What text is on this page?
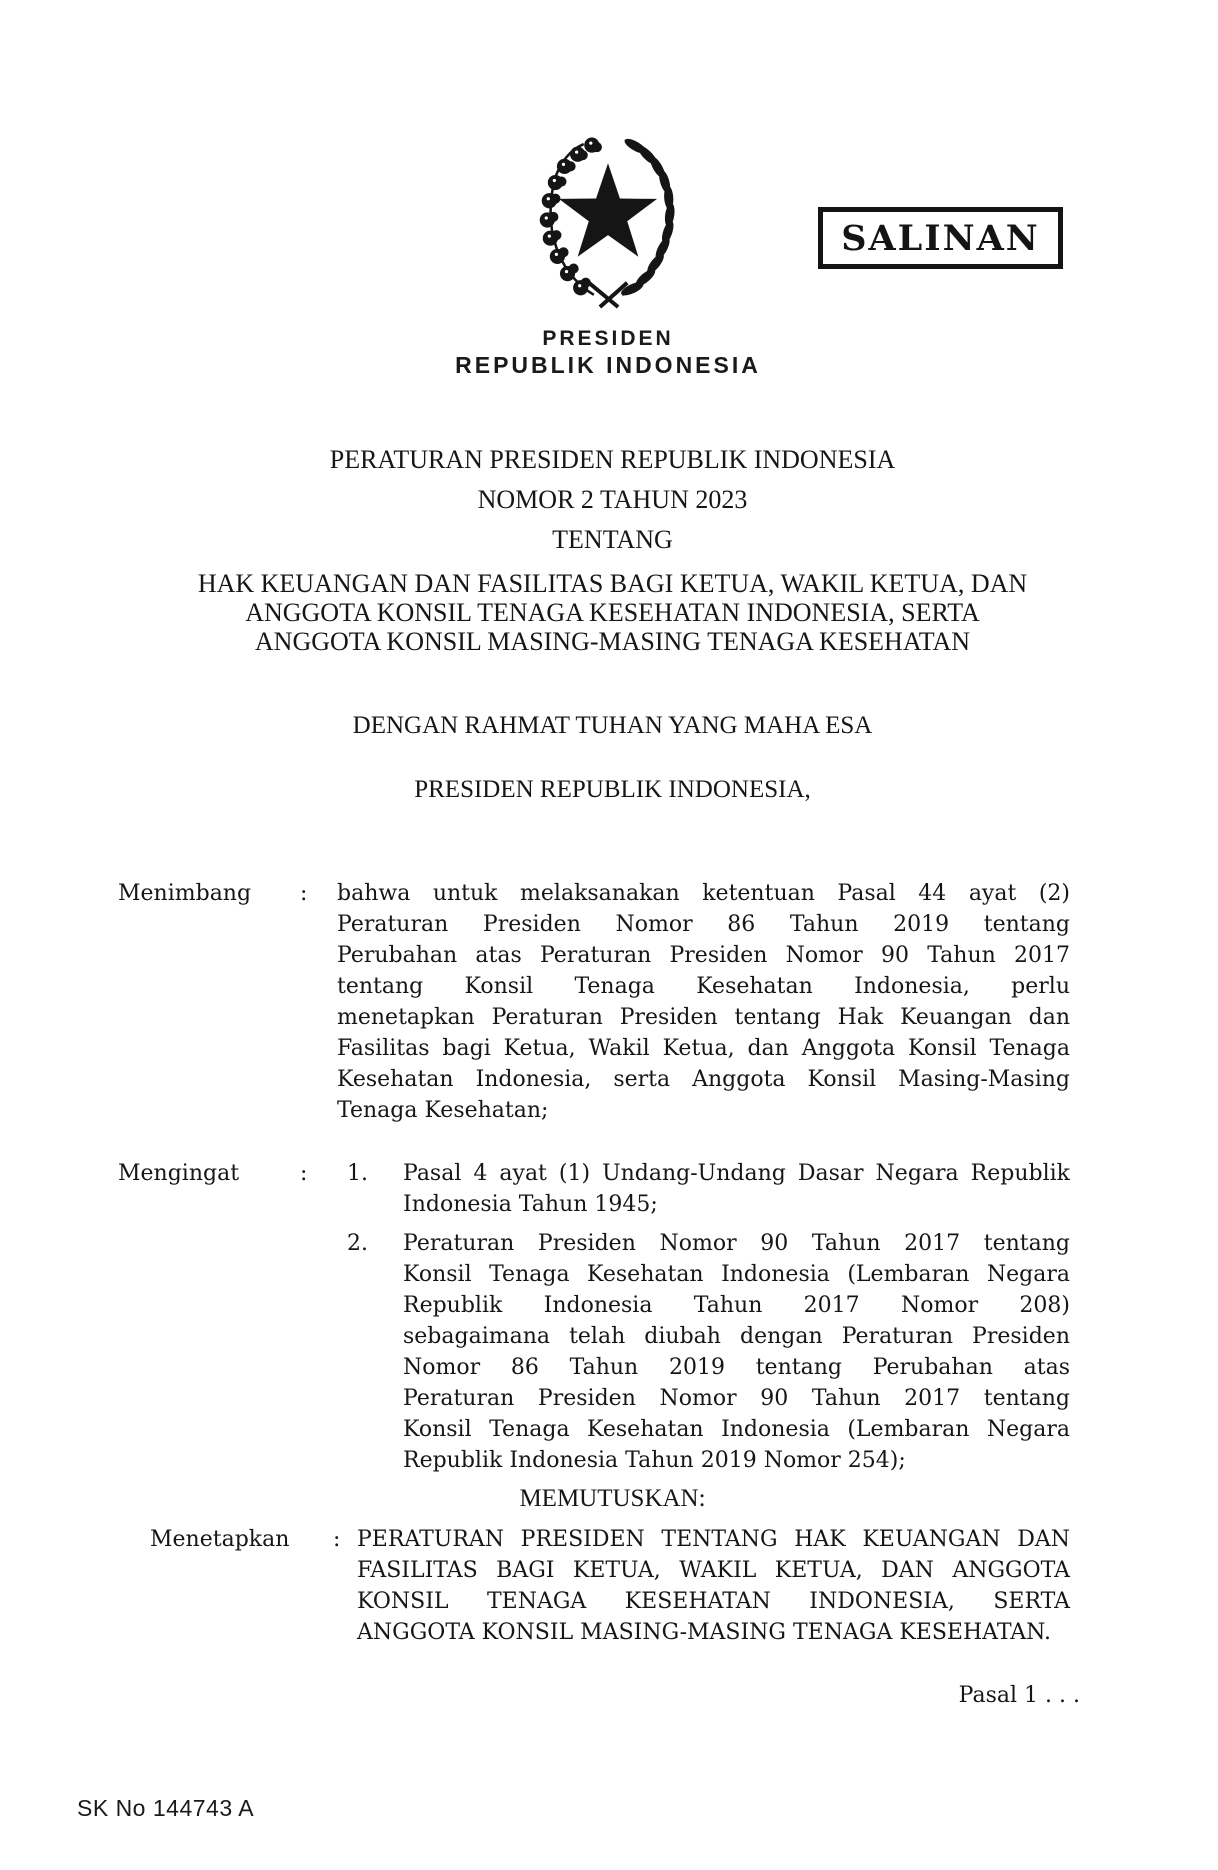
SALINAN
PRESIDEN
REPUBLIK INDONESIA
PERATURAN PRESIDEN REPUBLIK INDONESIA
NOMOR 2 TAHUN 2023
TENTANG
HAK KEUANGAN DAN FASILITAS BAGI KETUA, WAKIL KETUA, DAN
ANGGOTA KONSIL TENAGA KESEHATAN INDONESIA, SERTA
ANGGOTA KONSIL MASING-MASING TENAGA KESEHATAN
DENGAN RAHMAT TUHAN YANG MAHA ESA
PRESIDEN REPUBLIK INDONESIA,
Menimbang : bahwa untuk melaksanakan ketentuan Pasal 44 ayat (2)
Peraturan Presiden Nomor 86 Tahun 2019 tentang
Perubahan atas Peraturan Presiden Nomor 90 Tahun 2017
tentang Konsil Tenaga Kesehatan Indonesia, perlu
menetapkan Peraturan Presiden tentang Hak Keuangan dan
Fasilitas bagi Ketua, Wakil Ketua, dan Anggota Konsil Tenaga
Kesehatan Indonesia, serta Anggota Konsil Masing-Masing
Tenaga Kesehatan;
Mengingat	: 1. Pasal 4 ayat (1) Undang-Undang Dasar Negara Republik
Indonesia Tahun 1945;
2. Peraturan Presiden Nomor 90 Tahun 2017 tentang
Konsil Tenaga Kesehatan Indonesia (Lembaran Negara
Republik Indonesia Tahun 2017 Nomor 208)
sebagaimana telah diubah dengan Peraturan Presiden
Nomor 86 Tahun 2019 tentang Perubahan atas
Peraturan Presiden Nomor 90 Tahun 2017 tentang
Konsil Tenaga Kesehatan Indonesia (Lembaran Negara
Republik Indonesia Tahun 2019 Nomor 254);
MEMUTUSKAN:
Menetapkan : PERATURAN PRESIDEN TENTANG HAK KEUANGAN DAN
FASILITAS BAGI KETUA, WAKIL KETUA, DAN ANGGOTA
KONSIL TENAGA KESEHATAN INDONESIA, SERTA
ANGGOTA KONSIL MASING-MASING TENAGA KESEHATAN.
Pasal 1 . . .
SK No 144743 A
